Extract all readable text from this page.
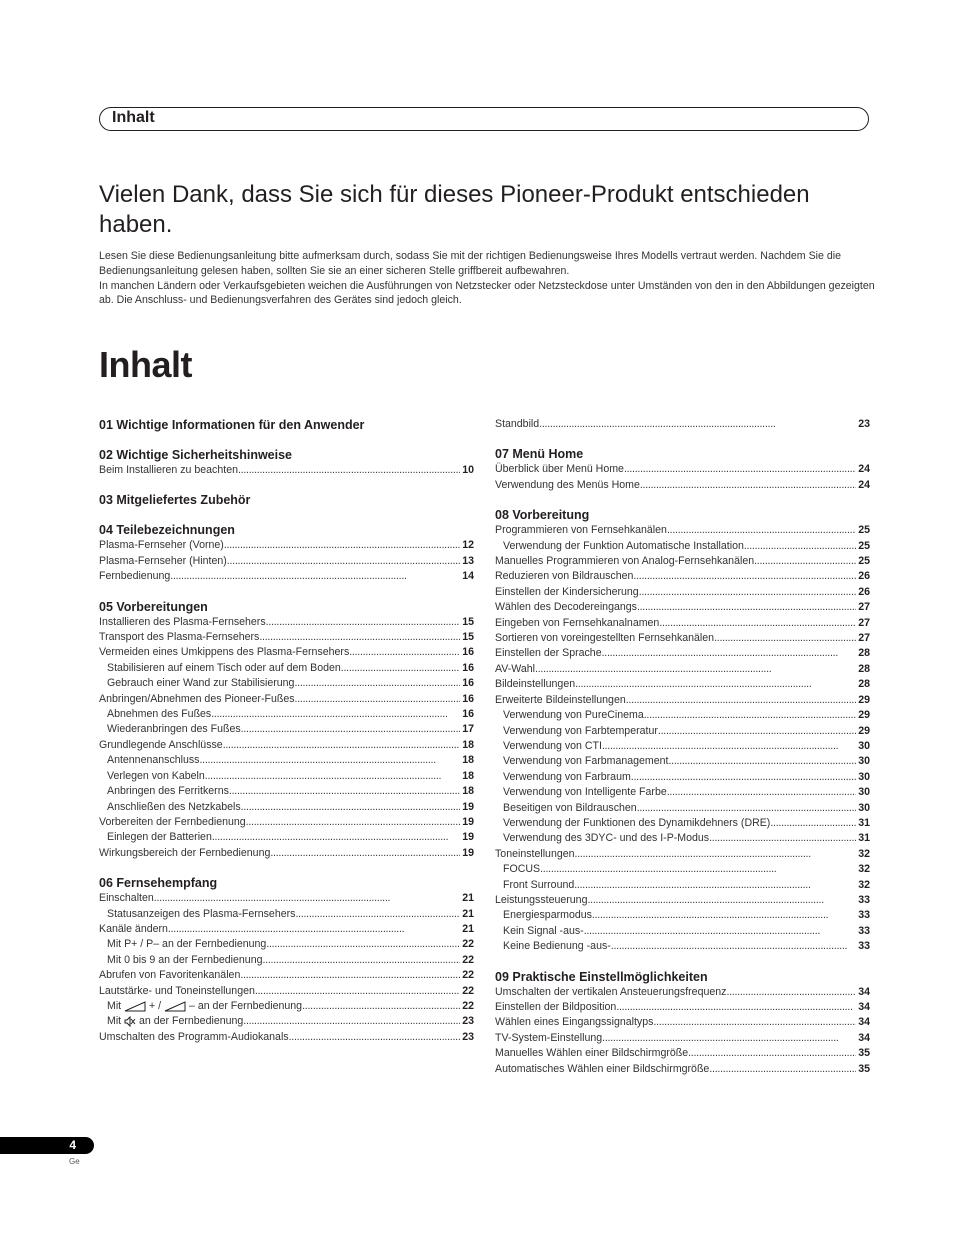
Inhalt
Vielen Dank, dass Sie sich für dieses Pioneer-Produkt entschieden haben.

Lesen Sie diese Bedienungsanleitung bitte aufmerksam durch, sodass Sie mit der richtigen Bedienungsweise Ihres Modells vertraut werden. Nachdem Sie die Bedienungsanleitung gelesen haben, sollten Sie sie an einer sicheren Stelle griffbereit aufbewahren.

In manchen Ländern oder Verkaufsgebieten weichen die Ausführungen von Netzstecker oder Netzsteckdose unter Umständen von den in den Abbildungen gezeigten ab. Die Anschluss- und Bedienungsverfahren des Gerätes sind jedoch gleich.

Inhalt
01 Wichtige Informationen für den Anwender
02 Wichtige Sicherheitshinweise
Beim Installieren zu beachten . . .	10
03 Mitgeliefertes Zubehör
04 Teilebezeichnungen
Plasma-Fernseher (Vorne) . . .	12
Plasma-Fernseher (Hinten) . . .	13
Fernbedienung . . .	14
05 Vorbereitungen
Installieren des Plasma-Fernsehers . . .	15
Transport des Plasma-Fernsehers . . .	15
Vermeiden eines Umkippens des Plasma-Fernsehers . . .	16
Stabilisieren auf einem Tisch oder auf dem Boden . . .	16
Gebrauch einer Wand zur Stabilisierung . . .	16
Anbringen/Abnehmen des Pioneer-Fußes . . .	16
Abnehmen des Fußes . . .	16
Wiederanbringen des Fußes . . .	17
Grundlegende Anschlüsse . . .	18
Antennenanschluss . . .	18
Verlegen von Kabeln . . .	18
Anbringen des Ferritkerns . . .	18
Anschließen des Netzkabels . . .	19
Vorbereiten der Fernbedienung . . .	19
Einlegen der Batterien . . .	19
Wirkungsbereich der Fernbedienung . . .	19
06 Fernsehempfang
Einschalten . . .	21
Statusanzeigen des Plasma-Fernsehers . . .	21
Kanäle ändern . . .	21
Mit P+ / P– an der Fernbedienung . . .	22
Mit 0 bis 9 an der Fernbedienung . . .	22
Abrufen von Favoritenkanälen . . .	22
Lautstärke- und Toneinstellungen . . .	22
Mit  + /  – an der Fernbedienung . . .	22
Mit  an der Fernbedienung . . .	23
Umschalten des Programm-Audiokanals . . .	23
Standbild . . .	23
07 Menü Home
Überblick über Menü Home . . .	24
Verwendung des Menüs Home . . .	24
08 Vorbereitung
Programmieren von Fernsehkanälen . . .	25
Verwendung der Funktion Automatische Installation . . .	25
Manuelles Programmieren von Analog-Fernsehkanälen . . .	25
Reduzieren von Bildrauschen . . .	26
Einstellen der Kindersicherung . . .	26
Wählen des Decodereingangs . . .	27
Eingeben von Fernsehkanalnamen . . .	27
Sortieren von voreingestellten Fernsehkanälen . . .	27
Einstellen der Sprache . . .	28
AV-Wahl . . .	28
Bildeinstellungen . . .	28
Erweiterte Bildeinstellungen . . .	29
Verwendung von PureCinema . . .	29
Verwendung von Farbtemperatur . . .	29
Verwendung von CTI . . .	30
Verwendung von Farbmanagement . . .	30
Verwendung von Farbraum . . .	30
Verwendung von Intelligente Farbe . . .	30
Beseitigen von Bildrauschen . . .	30
Verwendung der Funktionen des Dynamikdehners (DRE) . . .	31
Verwendung des 3DYC- und des I-P-Modus . . .	31
Toneinstellungen . . .	32
FOCUS . . .	32
Front Surround . . .	32
Leistungssteuerung . . .	33
Energiesparmodus . . .	33
Kein Signal -aus- . . .	33
Keine Bedienung -aus- . . .	33
09 Praktische Einstellmöglichkeiten
Umschalten der vertikalen Ansteuerungsfrequenz . . .	34
Einstellen der Bildposition . . .	34
Wählen eines Eingangssignaltyps . . .	34
TV-System-Einstellung . . .	34
Manuelles Wählen einer Bildschirmgröße . . .	35
Automatisches Wählen einer Bildschirmgröße . . .	35
4
Ge
